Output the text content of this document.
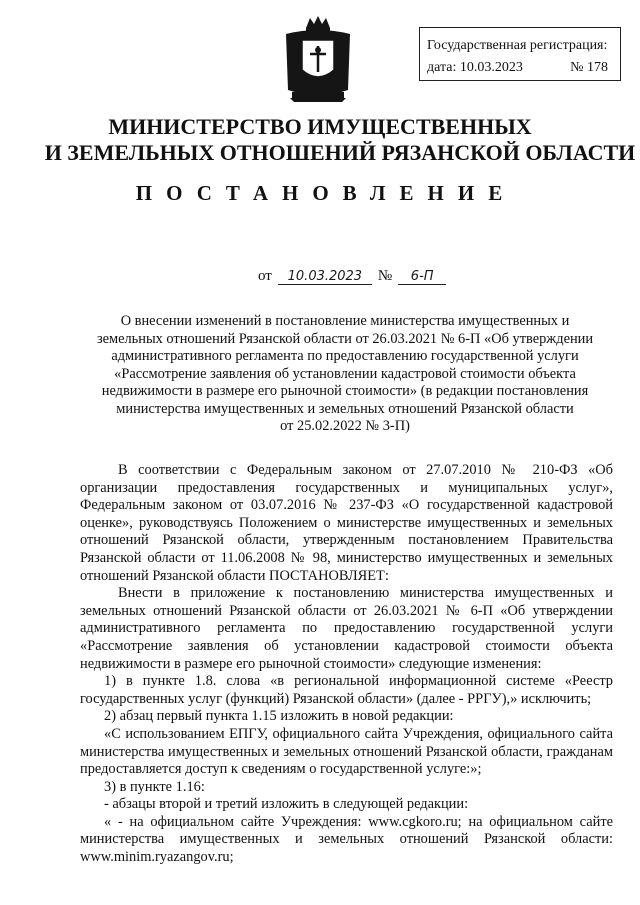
Государственная регистрация:
дата: 10.03.2023	№ 178
МИНИСТЕРСТВО ИМУЩЕСТВЕННЫХ
И ЗЕМЕЛЬНЫХ ОТНОШЕНИЙ РЯЗАНСКОЙ ОБЛАСТИ
ПОСТАНОВЛЕНИЕ
от	10.03.2023	№	6-П
О внесении изменений в постановление министерства имущественных и
земельных отношений Рязанской области от 26.03.2021 № 6-П «Об утверждении
административного регламента по предоставлению государственной услуги
«Рассмотрение заявления об установлении кадастровой стоимости объекта
недвижимости в размере его рыночной стоимости» (в редакции постановления
министерства имущественных и земельных отношений Рязанской области
от 25.02.2022 № 3-П)

В соответствии с Федеральным законом от 27.07.2010 № 210-ФЗ «Об организации предоставления государственных и муниципальных услуг», Федеральным законом от 03.07.2016 № 237-ФЗ «О государственной кадастровой оценке», руководствуясь Положением о министерстве имущественных и земельных отношений Рязанской области, утвержденным постановлением Правительства Рязанской области от 11.06.2008 № 98, министерство имущественных и земельных отношений Рязанской области ПОСТАНОВЛЯЕТ:

Внести в приложение к постановлению министерства имущественных и земельных отношений Рязанской области от 26.03.2021 № 6-П «Об утверждении административного регламента по предоставлению государственной услуги «Рассмотрение заявления об установлении кадастровой стоимости объекта недвижимости в размере его рыночной стоимости» следующие изменения:

1) в пункте 1.8. слова «в региональной информационной системе «Реестр государственных услуг (функций) Рязанской области» (далее - РРГУ),» исключить;

2) абзац первый пункта 1.15 изложить в новой редакции:

«С использованием ЕПГУ, официального сайта Учреждения, официального сайта министерства имущественных и земельных отношений Рязанской области, гражданам предоставляется доступ к сведениям о государственной услуге:»;

3) в пункте 1.16:

- абзацы второй и третий изложить в следующей редакции:

« - на официальном сайте Учреждения: www.cgkoro.ru; на официальном сайте министерства имущественных и земельных отношений Рязанской области: www.minim.ryazangov.ru;
